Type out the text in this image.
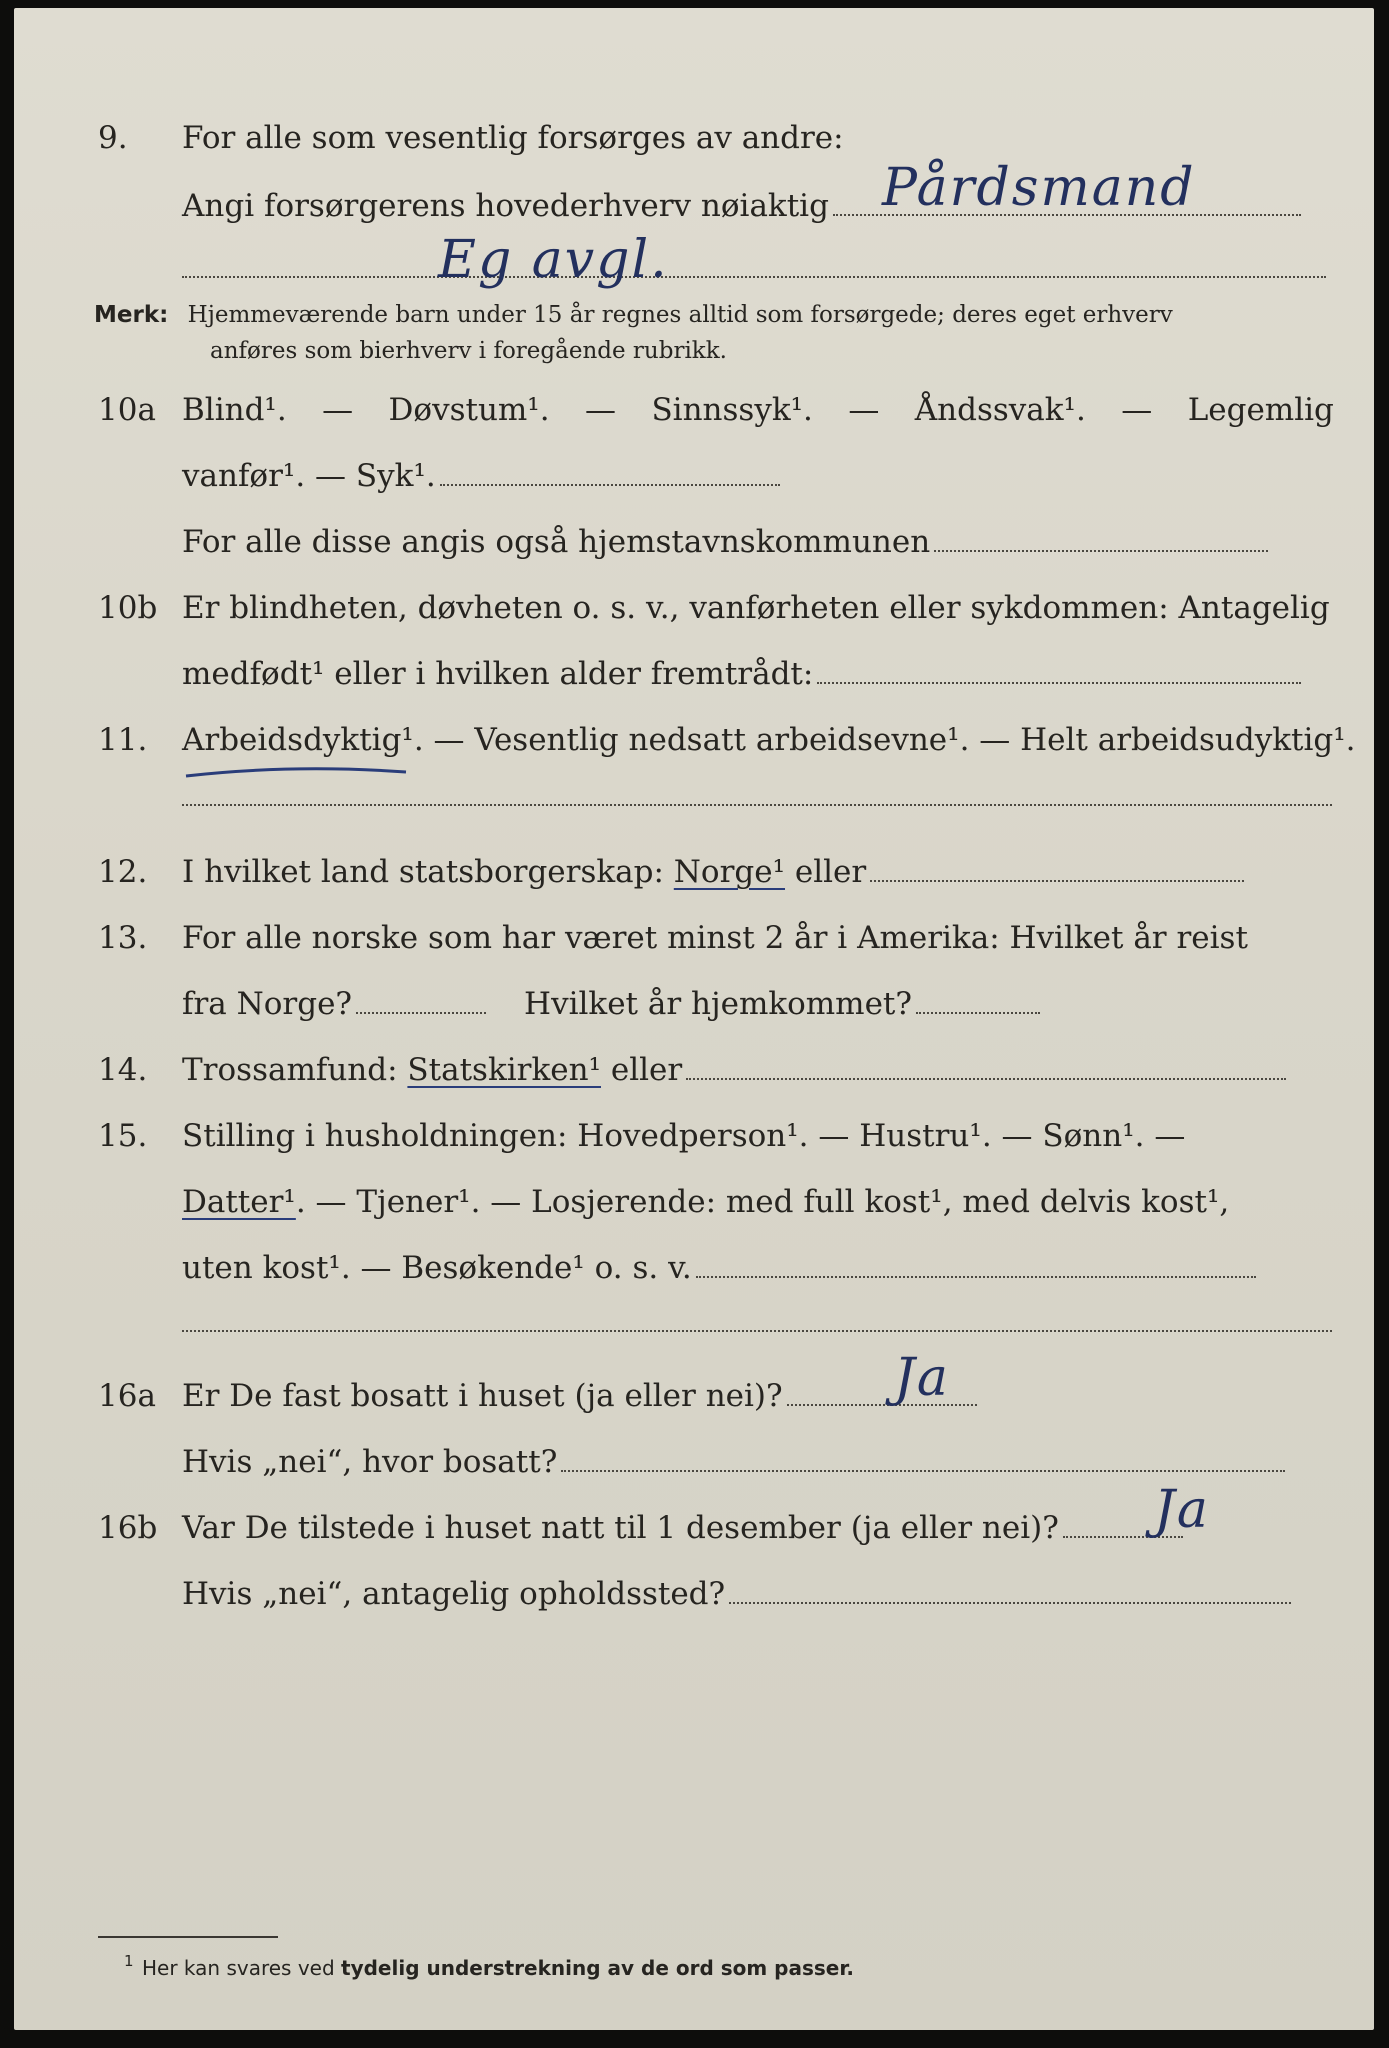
9.	For alle som vesentlig forsørges av andre:
Angi forsørgerens hovederhverv nøiaktig	Pårdsmand
Eg avgl.
Merk: Hjemmeværende barn under 15 år regnes alltid som forsørgede; deres eget erhverv
anføres som bierhverv i foregående rubrikk.
10a Blind¹. — Døvstum¹. — Sinnssyk¹. — Åndssvak¹. — Legemlig
vanfør¹. — Syk¹.
For alle disse angis også hjemstavnskommunen
10b Er blindheten, døvheten o. s. v., vanførheten eller sykdommen: Antagelig
medfødt¹ eller i hvilken alder fremtrådt:
11.	Arbeidsdyktig¹. — Vesentlig nedsatt arbeidsevne¹. — Helt arbeidsudyktig¹.
12.	I hvilket land statsborgerskap: Norge¹ eller
13.	For alle norske som har været minst 2 år i Amerika: Hvilket år reist
fra Norge?	Hvilket år hjemkommet?
14.	Trossamfund: Statskirken¹ eller
15.	Stilling i husholdningen: Hovedperson¹. — Hustru¹. — Sønn¹. —
Datter¹. — Tjener¹. — Losjerende: med full kost¹, med delvis kost¹,
uten kost¹. — Besøkende¹ o. s. v.
16a Er De fast bosatt i huset (ja eller nei)?	Ja
Hvis „nei“, hvor bosatt?
16b Var De tilstede i huset natt til 1 desember (ja eller nei)?	Ja
Hvis „nei“, antagelig opholdssted?
1 Her kan svares ved tydelig understrekning av de ord som passer.
